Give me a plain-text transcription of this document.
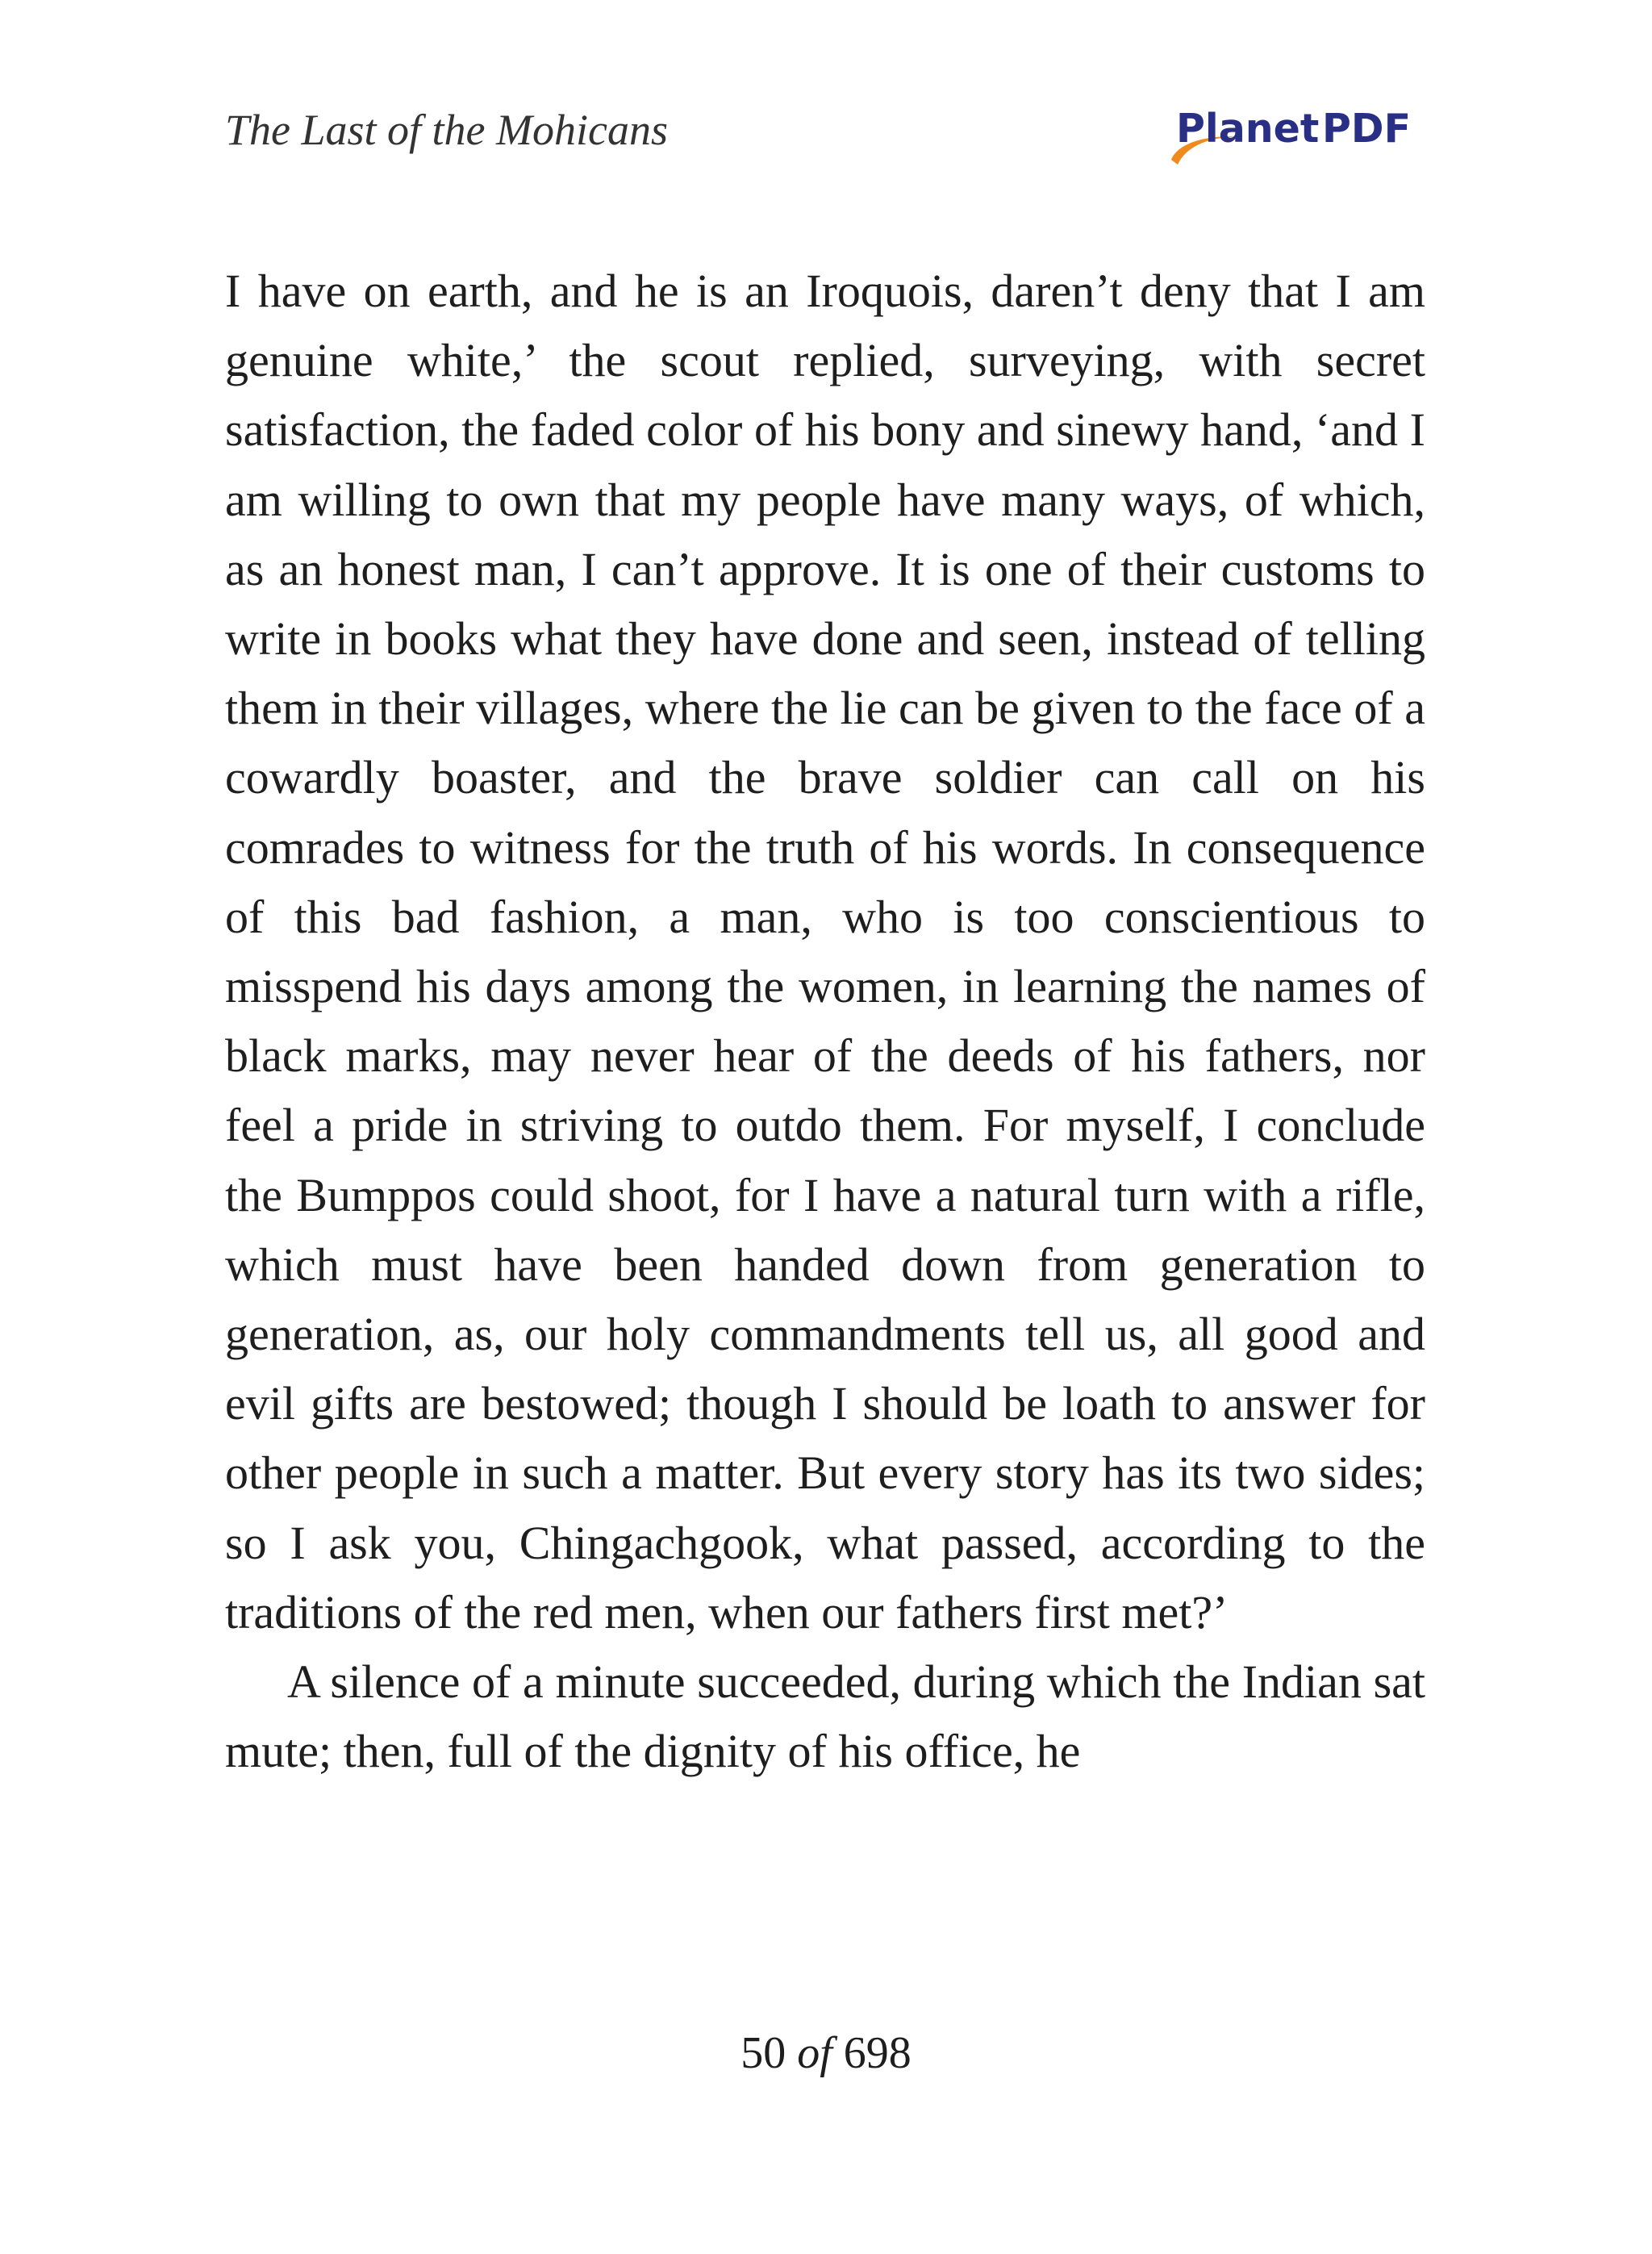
The Last of the Mohicans	Planet PDF

I have on earth, and he is an Iroquois, daren’t deny that I am genuine white,’ the scout replied, surveying, with secret satisfaction, the faded color of his bony and sinewy hand, ‘and I am willing to own that my people have many ways, of which, as an honest man, I can’t approve. It is one of their customs to write in books what they have done and seen, instead of telling them in their villages, where the lie can be given to the face of a cowardly boaster, and the brave soldier can call on his comrades to witness for the truth of his words. In consequence of this bad fashion, a man, who is too conscientious to misspend his days among the women, in learning the names of black marks, may never hear of the deeds of his fathers, nor feel a pride in striving to outdo them. For myself, I conclude the Bumppos could shoot, for I have a natural turn with a rifle, which must have been handed down from generation to generation, as, our holy commandments tell us, all good and evil gifts are bestowed; though I should be loath to answer for other people in such a matter. But every story has its two sides; so I ask you, Chingachgook, what passed, according to the traditions of the red men, when our fathers first met?’

A silence of a minute succeeded, during which the Indian sat mute; then, full of the dignity of his office, he

50 of 698
